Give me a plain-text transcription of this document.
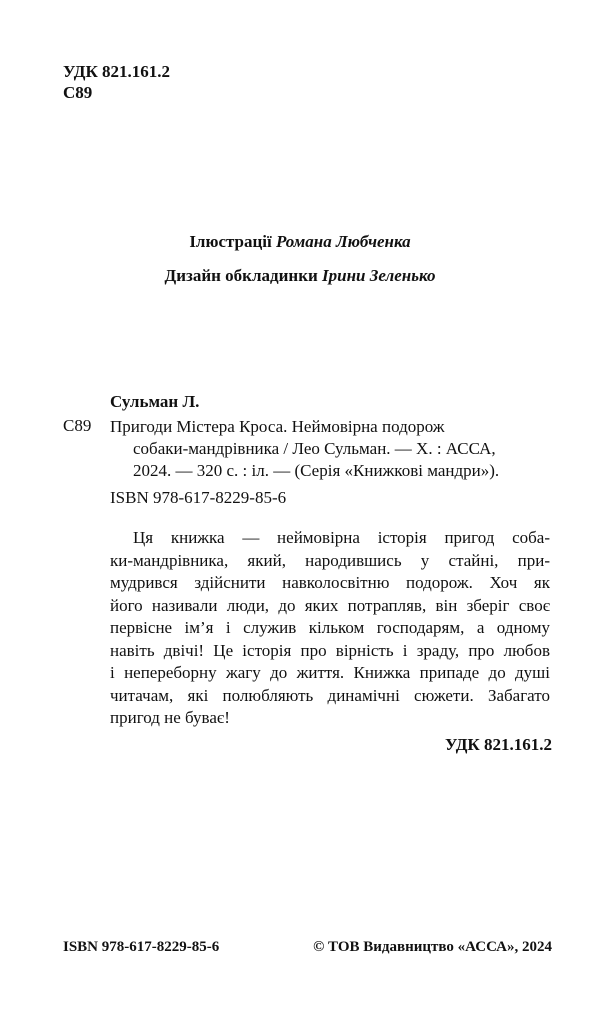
УДК 821.161.2
С89
Ілюстрації Романа Любченка
Дизайн обкладинки Ірини Зеленько
Сульман Л.
С89 Пригоди Містера Кроса. Неймовірна подорож
собаки-мандрівника / Лео Сульман. — Х. : АССА,
2024. — 320 с. : іл. — (Серія «Книжкові мандри»).
ISBN 978-617-8229-85-6
Ця книжка — неймовірна історія пригод соба-
ки-мандрівника, який, народившись у стайні, при-
мудрився здійснити навколосвітню подорож. Хоч як
його називали люди, до яких потрапляв, він зберіг своє
первісне ім’я і служив кільком господарям, а одному
навіть двічі! Це історія про вірність і зраду, про любов
і непереборну жагу до життя. Книжка припаде до душі
читачам, які полюбляють динамічні сюжети. Забагато
пригод не буває!
УДК 821.161.2
ISBN 978-617-8229-85-6	© ТОВ Видавництво «АССА», 2024
